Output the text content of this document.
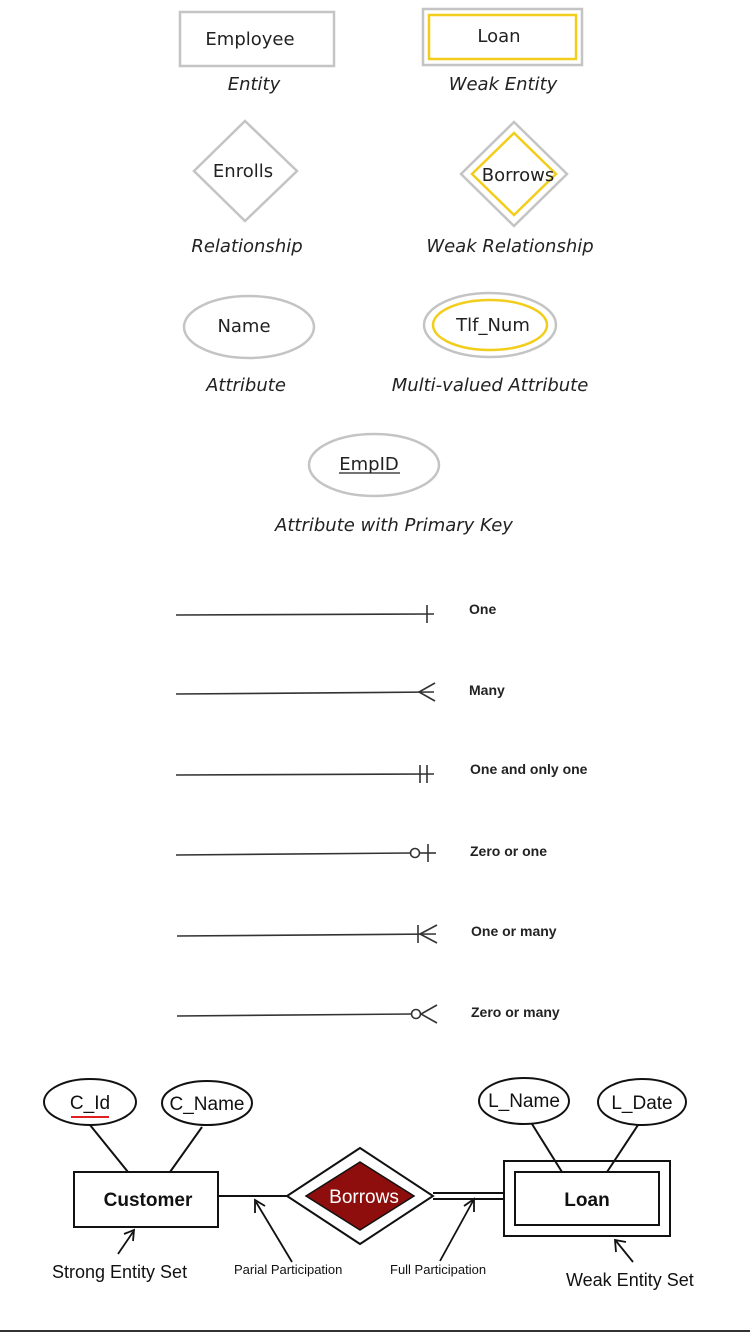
Employee
Entity
Loan
Weak Entity
Enrolls
Relationship
Borrows
Weak Relationship
Name
Attribute
Tlf_Num
Multi-valued Attribute
EmpID
Attribute with Primary Key
One
Many
One and only one
Zero or one
One or many
Zero or many
C_Id	C_Name	L_Name	L_Date
Customer	Borrows	Loan
Strong Entity Set	Parial Participation	Full Participation
Weak Entity Set
